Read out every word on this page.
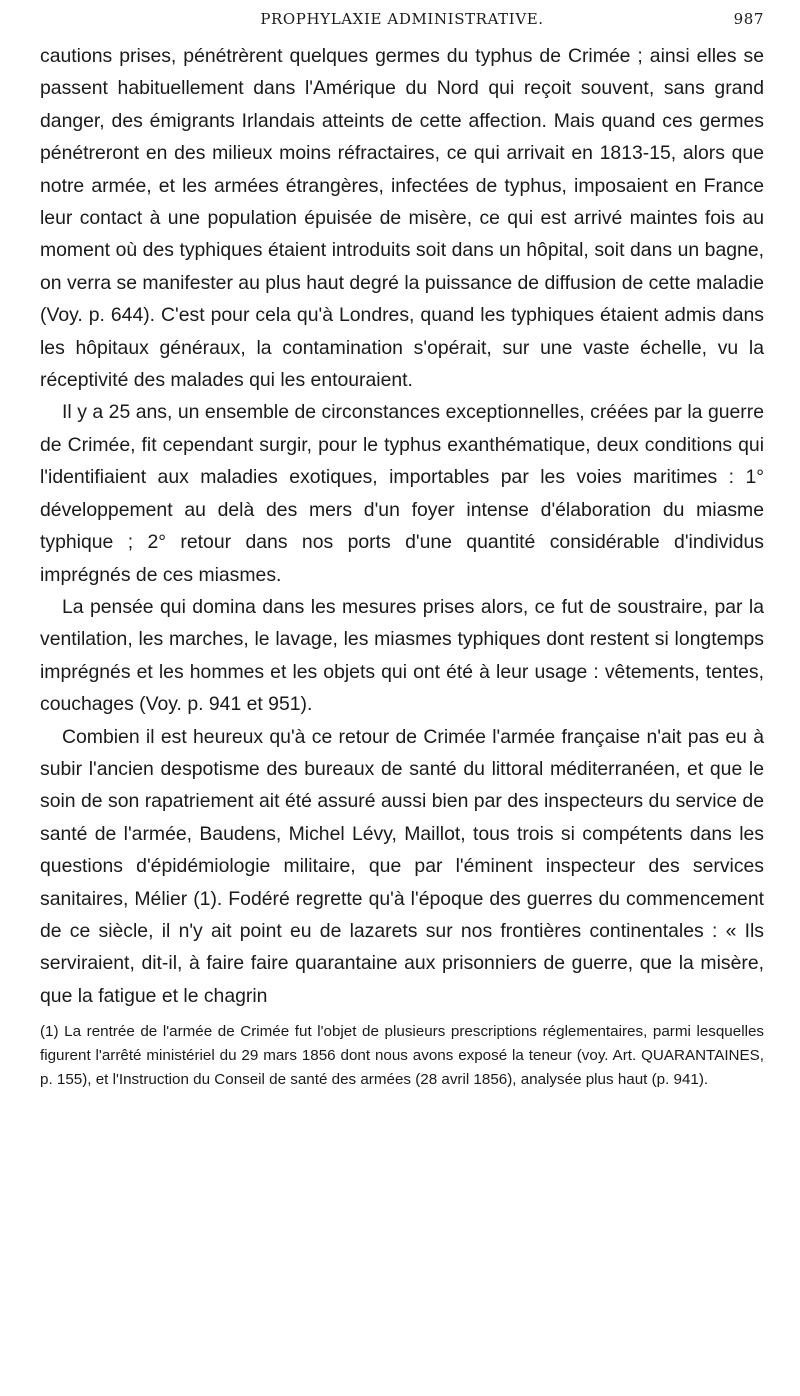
PROPHYLAXIE ADMINISTRATIVE.	987

cautions prises, pénétrèrent quelques germes du typhus de Crimée ; ainsi elles se passent habituellement dans l'Amérique du Nord qui reçoit souvent, sans grand danger, des émigrants Irlandais atteints de cette affection. Mais quand ces germes pénétreront en des milieux moins réfractaires, ce qui arrivait en 1813-15, alors que notre armée, et les armées étrangères, infectées de typhus, imposaient en France leur contact à une population épuisée de misère, ce qui est arrivé maintes fois au moment où des typhiques étaient introduits soit dans un hôpital, soit dans un bagne, on verra se manifester au plus haut degré la puissance de diffusion de cette maladie (Voy. p. 644). C'est pour cela qu'à Londres, quand les typhiques étaient admis dans les hôpitaux généraux, la contamination s'opérait, sur une vaste échelle, vu la réceptivité des malades qui les entouraient.

Il y a 25 ans, un ensemble de circonstances exceptionnelles, créées par la guerre de Crimée, fit cependant surgir, pour le typhus exanthématique, deux conditions qui l'identifiaient aux maladies exotiques, importables par les voies maritimes : 1° développement au delà des mers d'un foyer intense d'élaboration du miasme typhique ; 2° retour dans nos ports d'une quantité considérable d'individus imprégnés de ces miasmes.

La pensée qui domina dans les mesures prises alors, ce fut de soustraire, par la ventilation, les marches, le lavage, les miasmes typhiques dont restent si longtemps imprégnés et les hommes et les objets qui ont été à leur usage : vêtements, tentes, couchages (Voy. p. 941 et 951).

Combien il est heureux qu'à ce retour de Crimée l'armée française n'ait pas eu à subir l'ancien despotisme des bureaux de santé du littoral méditerranéen, et que le soin de son rapatriement ait été assuré aussi bien par des inspecteurs du service de santé de l'armée, Baudens, Michel Lévy, Maillot, tous trois si compétents dans les questions d'épidémiologie militaire, que par l'éminent inspecteur des services sanitaires, Mélier (1). Fodéré regrette qu'à l'époque des guerres du commencement de ce siècle, il n'y ait point eu de lazarets sur nos frontières continentales : « Ils serviraient, dit-il, à faire faire quarantaine aux prisonniers de guerre, que la misère, que la fatigue et le chagrin

(1) La rentrée de l'armée de Crimée fut l'objet de plusieurs prescriptions réglementaires, parmi lesquelles figurent l'arrêté ministériel du 29 mars 1856 dont nous avons exposé la teneur (voy. Art. QUARANTAINES, p. 155), et l'Instruction du Conseil de santé des armées (28 avril 1856), analysée plus haut (p. 941).
